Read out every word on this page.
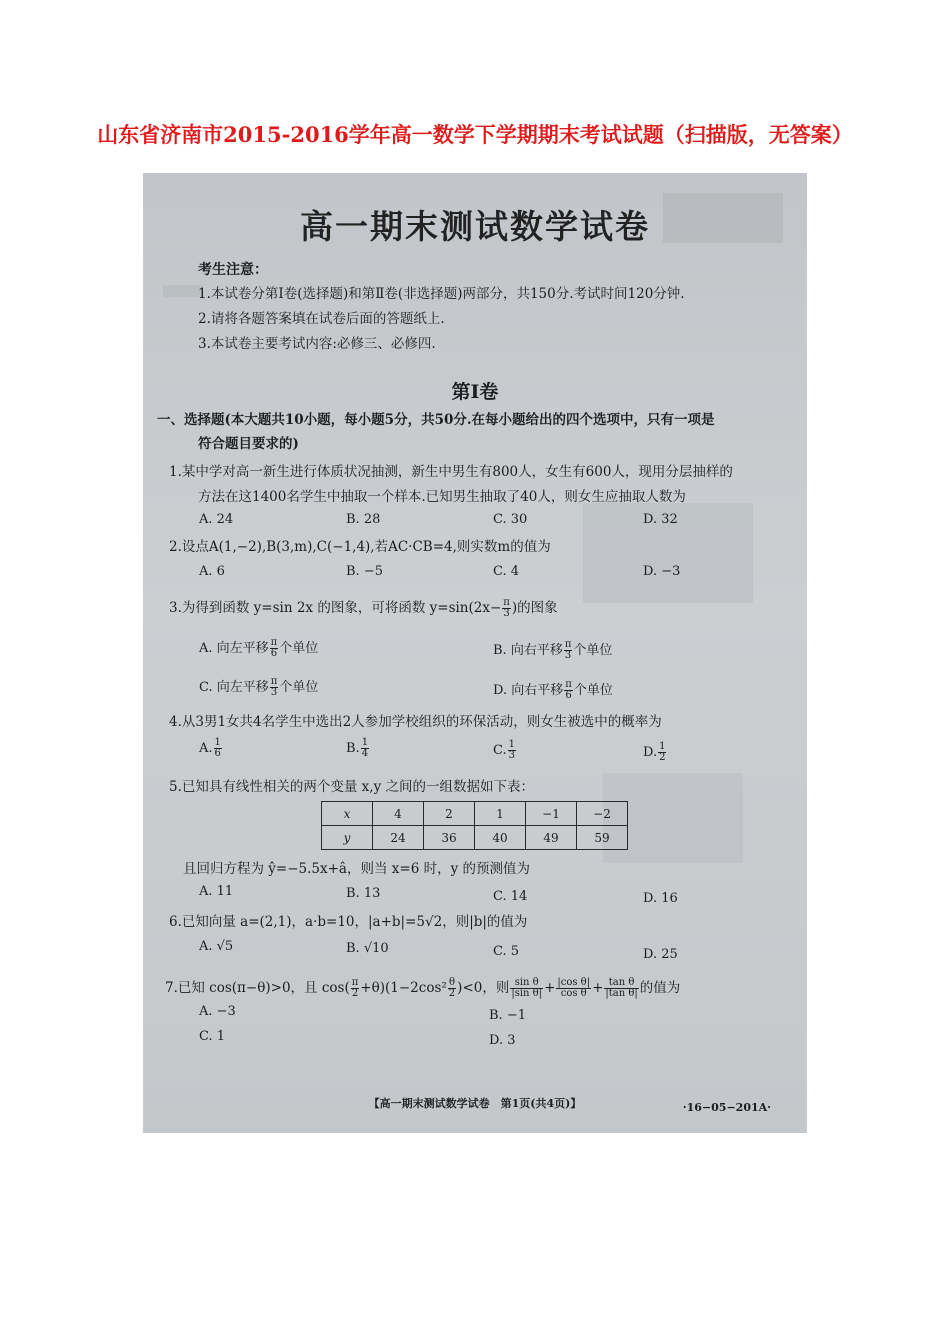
山东省济南市2015-2016学年高一数学下学期期末考试试题（扫描版，无答案）
高一期末测试数学试卷
考生注意：
1.本试卷分第Ⅰ卷(选择题)和第Ⅱ卷(非选择题)两部分，共150分.考试时间120分钟.
2.请将各题答案填在试卷后面的答题纸上.
3.本试卷主要考试内容:必修三、必修四.
第Ⅰ卷
一、选择题(本大题共10小题，每小题5分，共50分.在每小题给出的四个选项中，只有一项是
符合题目要求的)
1.某中学对高一新生进行体质状况抽测，新生中男生有800人，女生有600人，现用分层抽样的
方法在这1400名学生中抽取一个样本.已知男生抽取了40人，则女生应抽取人数为
A. 24	B. 28	C. 30	D. 32
2.设点A(1,−2),B(3,m),C(−1,4),若AC·CB=4,则实数m的值为
A. 6	B. −5	C. 4	D. −3
3.为得到函数 y=sin 2x 的图象，可将函数 $y=\sin(2x- \frac{\pi}{3}$ )的图象
A. 向左平移 $\frac{\pi}{6}$ 个单位	B. 向右平移 $\frac{\pi}{3}$ 个单位
C. 向左平移 $\frac{\pi}{3}$ 个单位	D. 向右平移 $\frac{\pi}{6}$ 个单位
4.从3男1女共4名学生中选出2人参加学校组织的环保活动，则女生被选中的概率为
A. $\frac{1}{6}$	B. $\frac{1}{4}$	C. $\frac{1}{3}$	D. $\frac{1}{2}$
5.已知具有线性相关的两个变量 x,y 之间的一组数据如下表：
x	4	2	1	−1	−2
y	24	36	40	49	59
且回归方程为 ŷ=−5.5x+â，则当 x=6 时，y 的预测值为
A. 11	B. 13	C. 14	D. 16
6.已知向量 a=(2,1)，a·b=10，|a+b|=5√2，则|b|的值为
A. √5	B. √10	C. 5	D. 25
7.已知 cos(π−θ)>0，且 $\cos( \frac{\pi}{2} +\theta)(1-2\cos^2 \frac{\theta}{2} )<0$，则 $\frac{\text{sin θ}}{\text{|sin θ|}} + \frac{\text{|cos θ|}}{\text{cos θ}} + \frac{\text{tan θ}}{\text{|tan θ|}}$ 的值为
A. −3	B. −1
C. 1	D. 3
【高一期末测试数学试卷　第1页(共4页)】	·16−05−201A·
